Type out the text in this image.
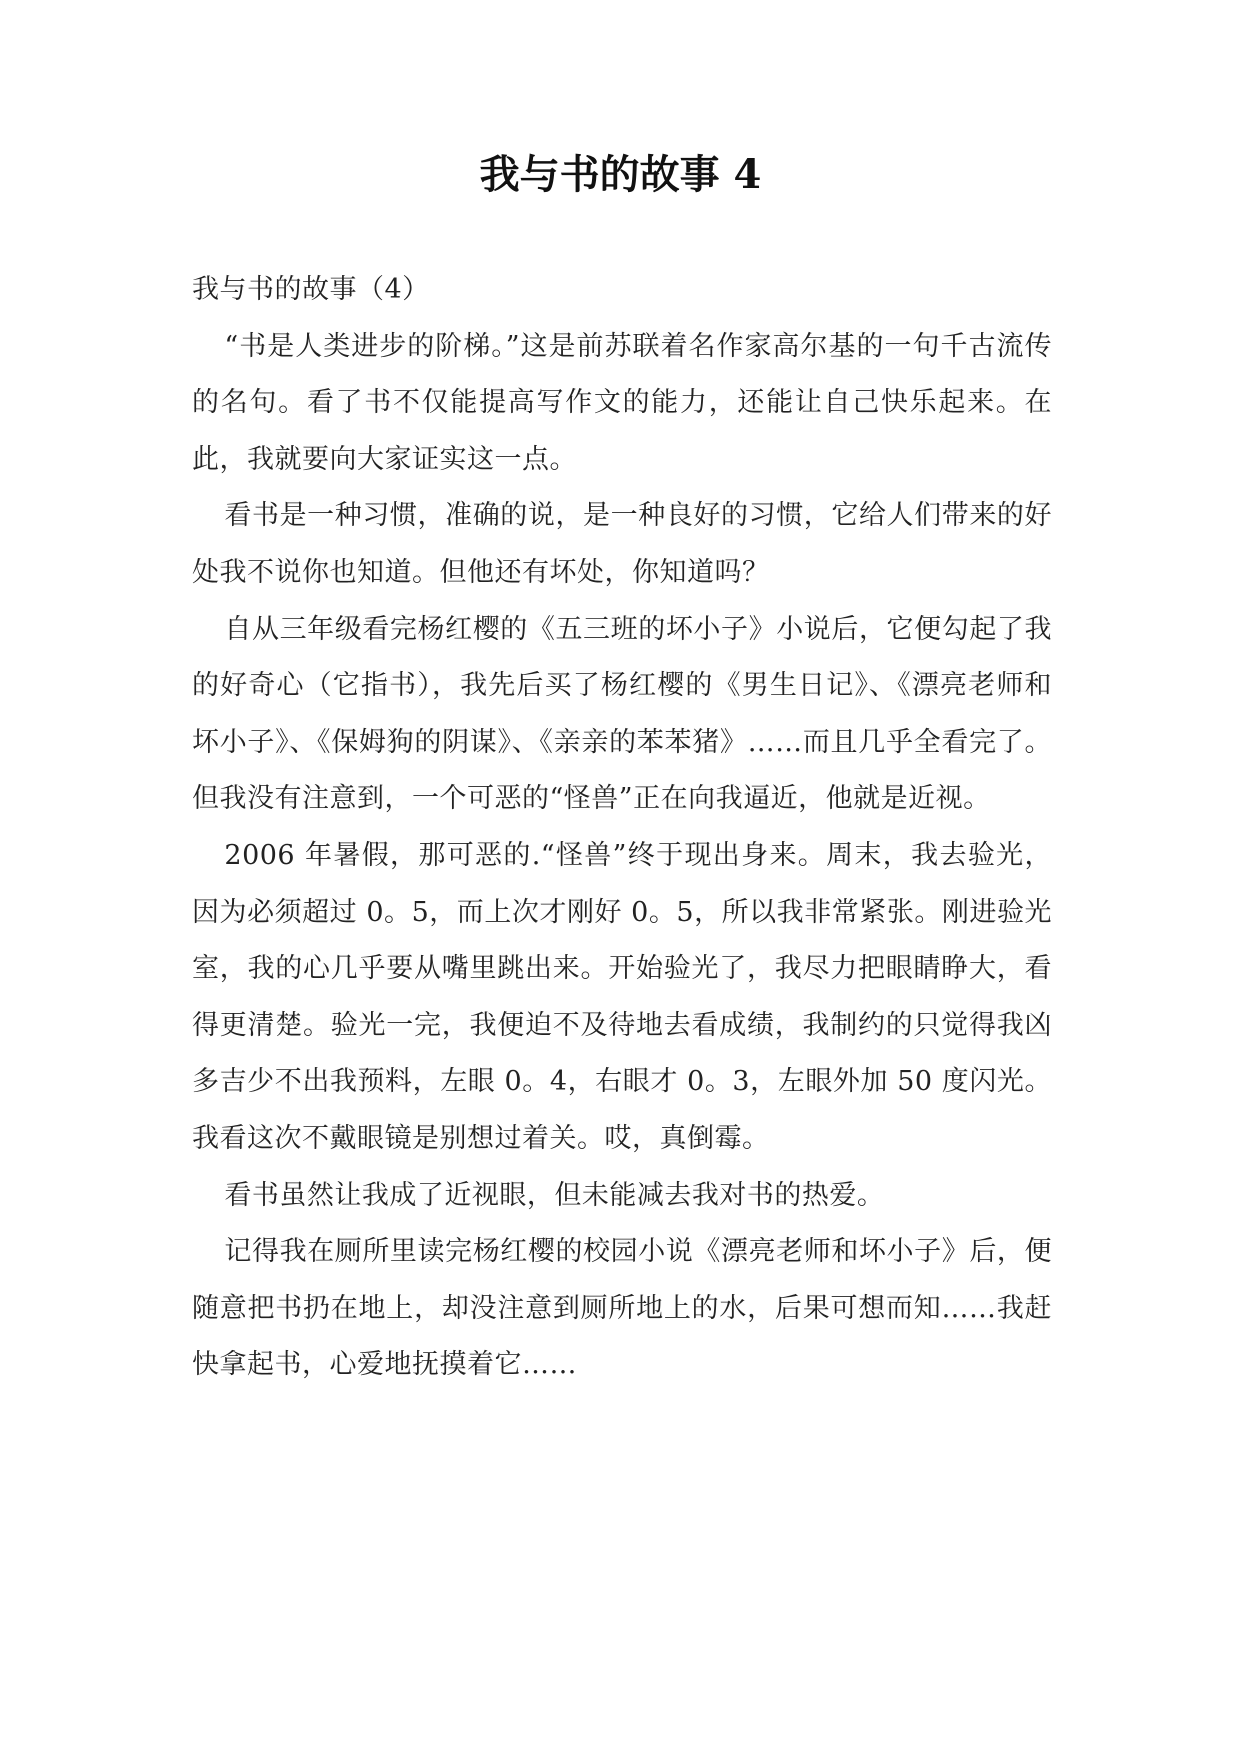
我与书的故事 4

我与书的故事（4）

“书是人类进步的阶梯。”这是前苏联着名作家高尔基的一句千古流传的名句。看了书不仅能提高写作文的能力，还能让自己快乐起来。在此，我就要向大家证实这一点。

看书是一种习惯，准确的说，是一种良好的习惯，它给人们带来的好处我不说你也知道。但他还有坏处，你知道吗？

自从三年级看完杨红樱的《五三班的坏小子》小说后，它便勾起了我的好奇心（它指书），我先后买了杨红樱的《男生日记》、《漂亮老师和坏小子》、《保姆狗的阴谋》、《亲亲的苯苯猪》……而且几乎全看完了。但我没有注意到，一个可恶的“怪兽”正在向我逼近，他就是近视。

2006 年暑假，那可恶的.“怪兽”终于现出身来。周末，我去验光，因为必须超过 0。5，而上次才刚好 0。5，所以我非常紧张。刚进验光室，我的心几乎要从嘴里跳出来。开始验光了，我尽力把眼睛睁大，看得更清楚。验光一完，我便迫不及待地去看成绩，我制约的只觉得我凶多吉少不出我预料，左眼 0。4，右眼才 0。3，左眼外加 50 度闪光。我看这次不戴眼镜是别想过着关。哎，真倒霉。

看书虽然让我成了近视眼，但未能减去我对书的热爱。

记得我在厕所里读完杨红樱的校园小说《漂亮老师和坏小子》后，便随意把书扔在地上，却没注意到厕所地上的水，后果可想而知……我赶快拿起书，心爱地抚摸着它……
